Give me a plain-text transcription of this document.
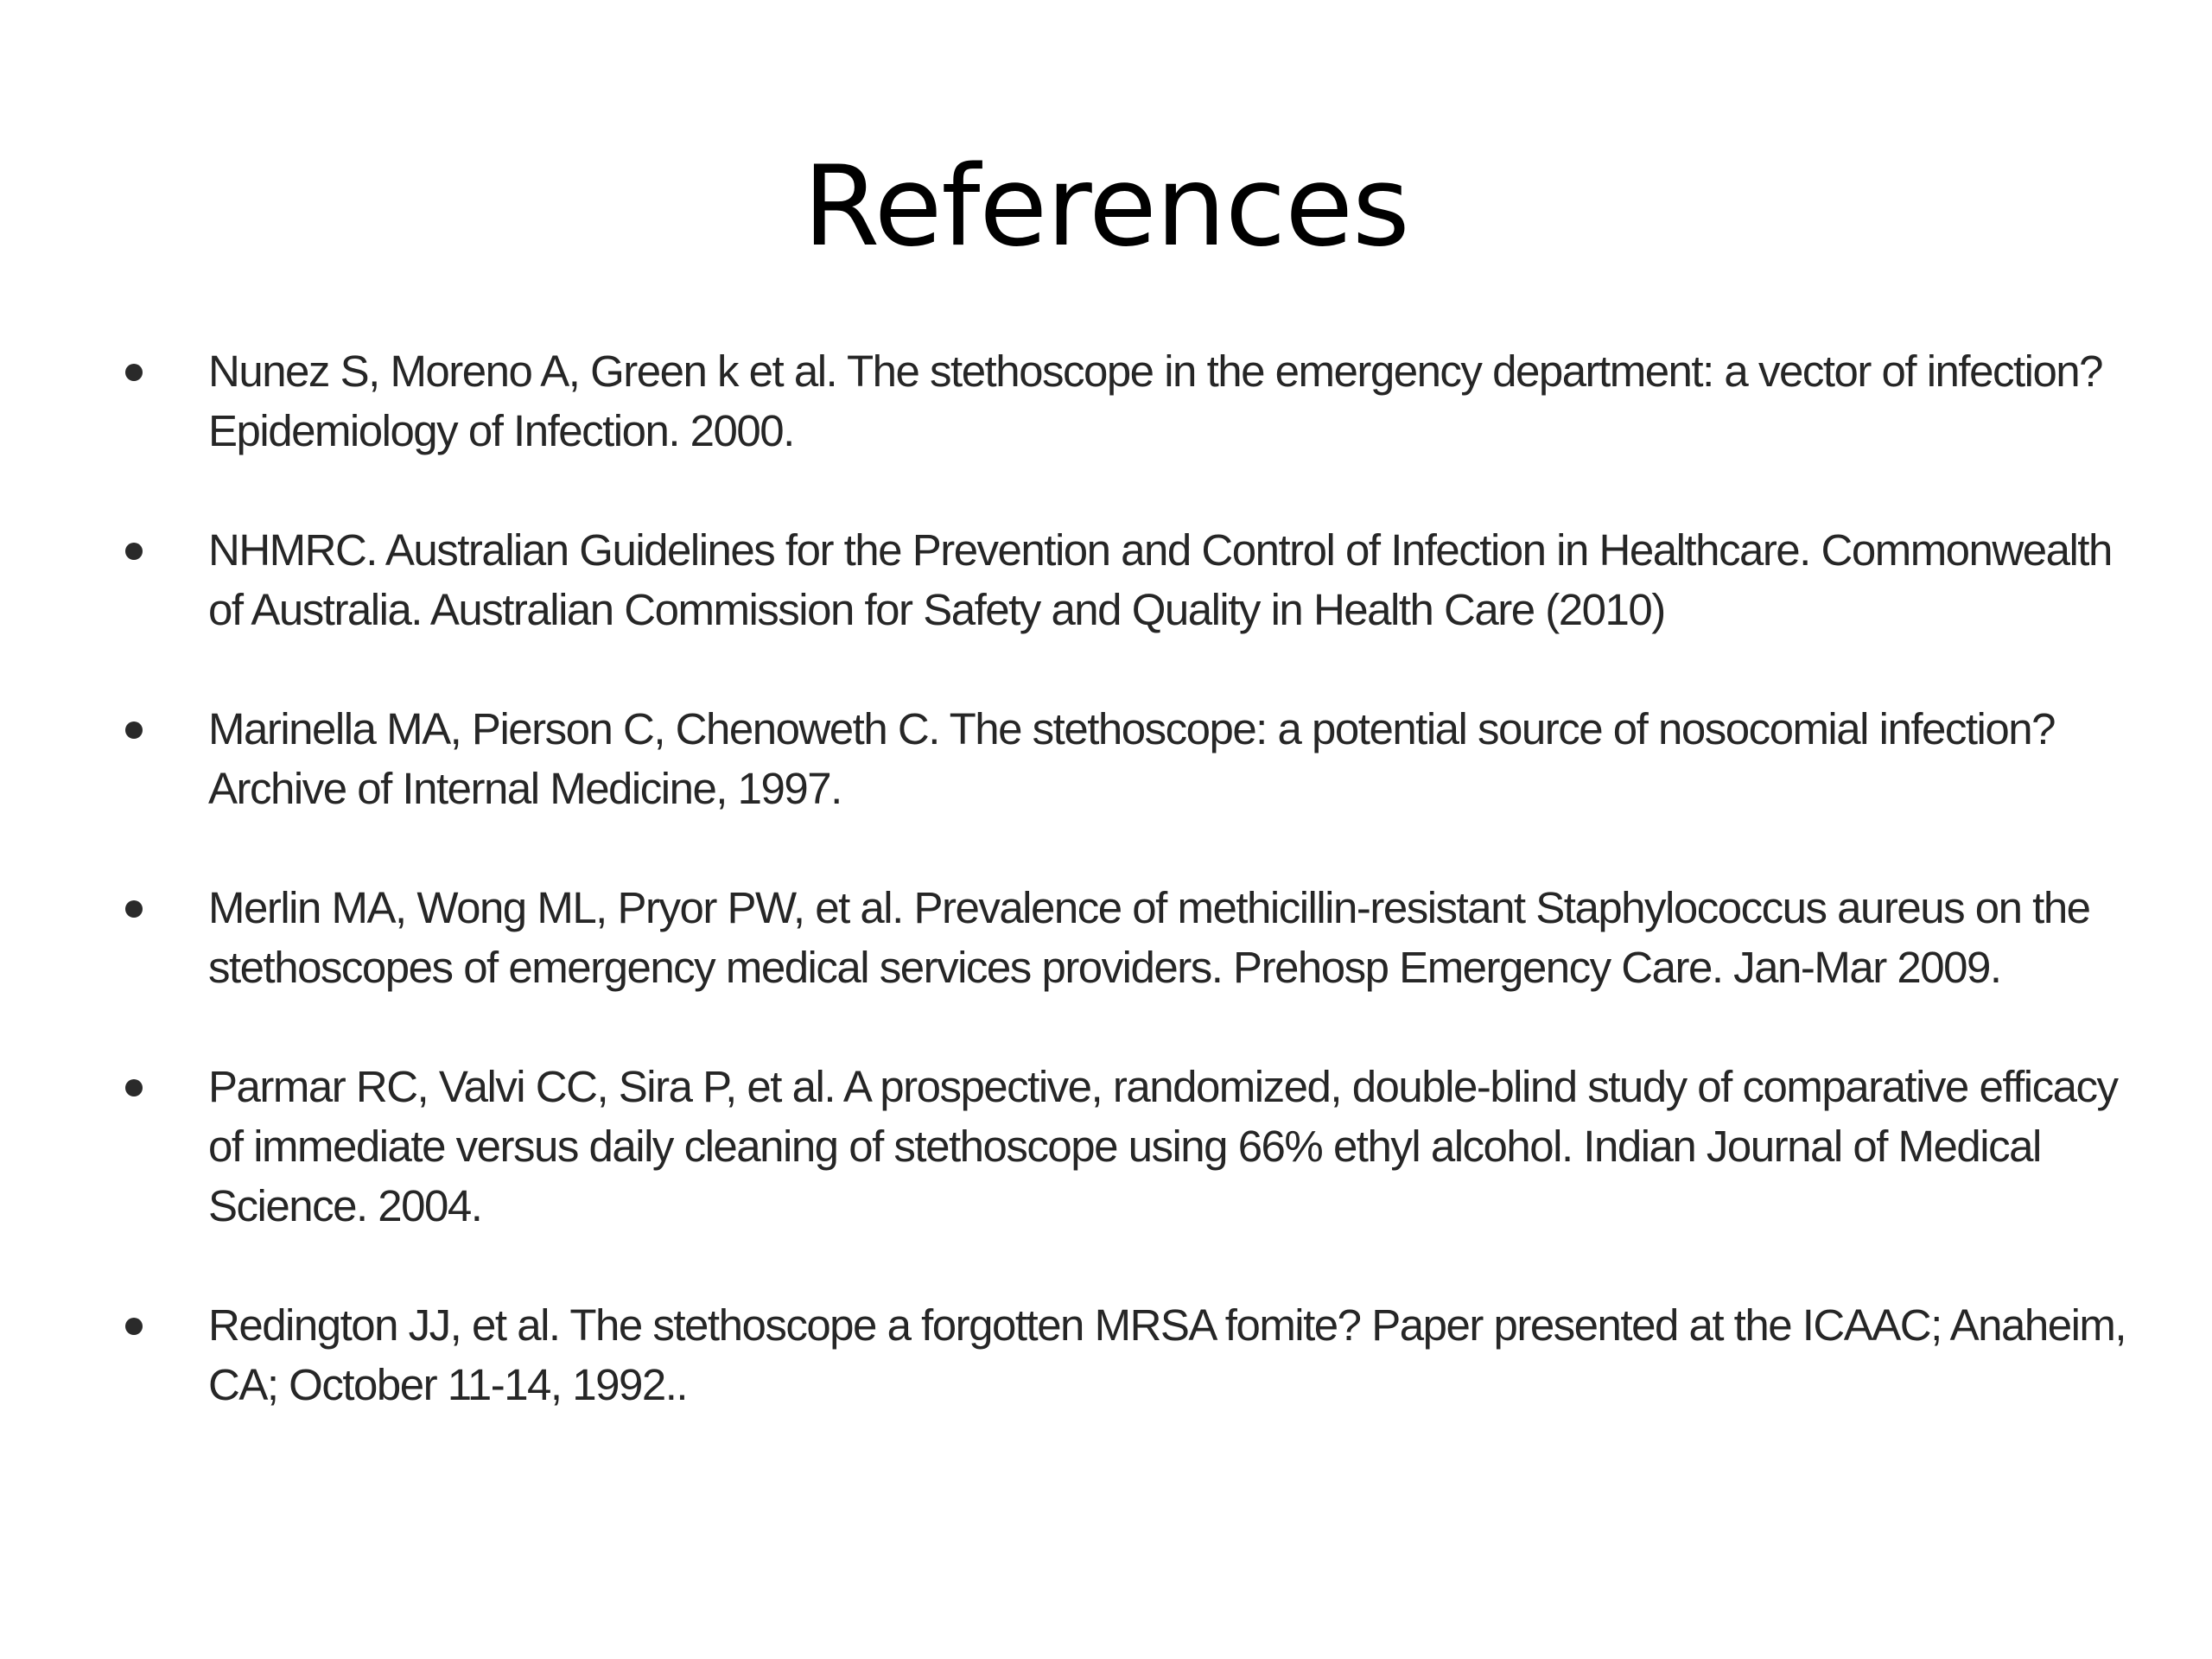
References
Nunez S, Moreno A, Green k et al. The stethoscope in the emergency department: a vector of infection?
Epidemiology of Infection. 2000.
NHMRC. Australian Guidelines for the Prevention and Control of Infection in Healthcare. Commonwealth
of Australia. Australian Commission for Safety and Quality in Health Care (2010)
Marinella MA, Pierson C, Chenoweth C. The stethoscope: a potential source of nosocomial infection?
Archive of Internal Medicine, 1997.
Merlin MA, Wong ML, Pryor PW, et al. Prevalence of methicillin-resistant Staphylococcus aureus on the
stethoscopes of emergency medical services providers. Prehosp Emergency Care. Jan-Mar 2009.
Parmar RC, Valvi CC, Sira P, et al. A prospective, randomized, double-blind study of comparative efficacy
of immediate versus daily cleaning of stethoscope using 66% ethyl alcohol. Indian Journal of Medical
Science. 2004.
Redington JJ, et al. The stethoscope a forgotten MRSA fomite? Paper presented at the ICAAC; Anaheim,
CA; October 11-14, 1992..
